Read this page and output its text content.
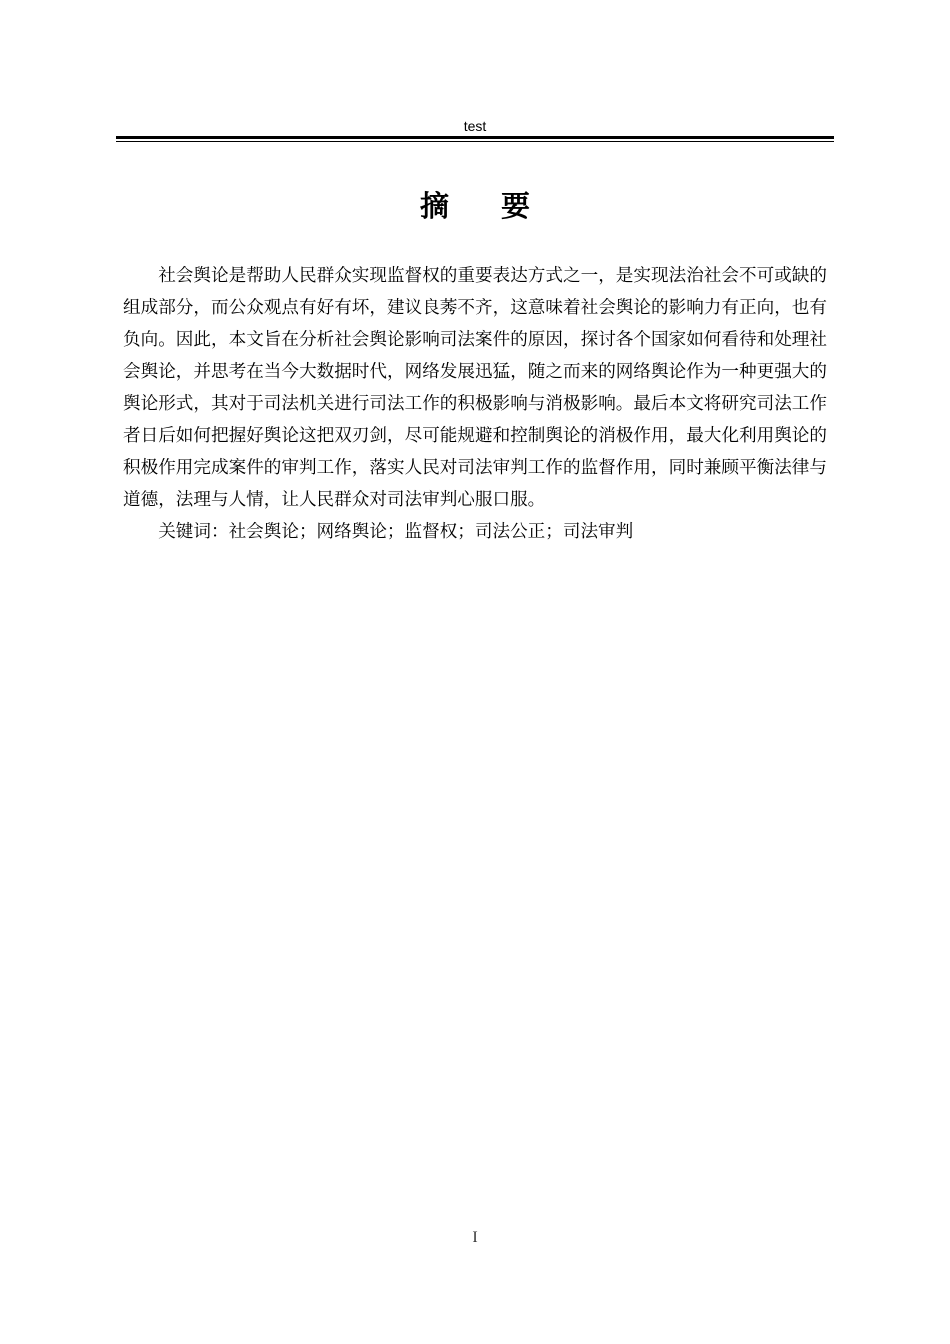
test
摘 要

社会舆论是帮助人民群众实现监督权的重要表达方式之一，是实现法治社会不可或缺的组成部分，而公众观点有好有坏，建议良莠不齐，这意味着社会舆论的影响力有正向，也有负向。因此，本文旨在分析社会舆论影响司法案件的原因，探讨各个国家如何看待和处理社会舆论，并思考在当今大数据时代，网络发展迅猛，随之而来的网络舆论作为一种更强大的舆论形式，其对于司法机关进行司法工作的积极影响与消极影响。最后本文将研究司法工作者日后如何把握好舆论这把双刃剑，尽可能规避和控制舆论的消极作用，最大化利用舆论的积极作用完成案件的审判工作，落实人民对司法审判工作的监督作用，同时兼顾平衡法律与道德，法理与人情，让人民群众对司法审判心服口服。

关键词：社会舆论；网络舆论；监督权；司法公正；司法审判

I
